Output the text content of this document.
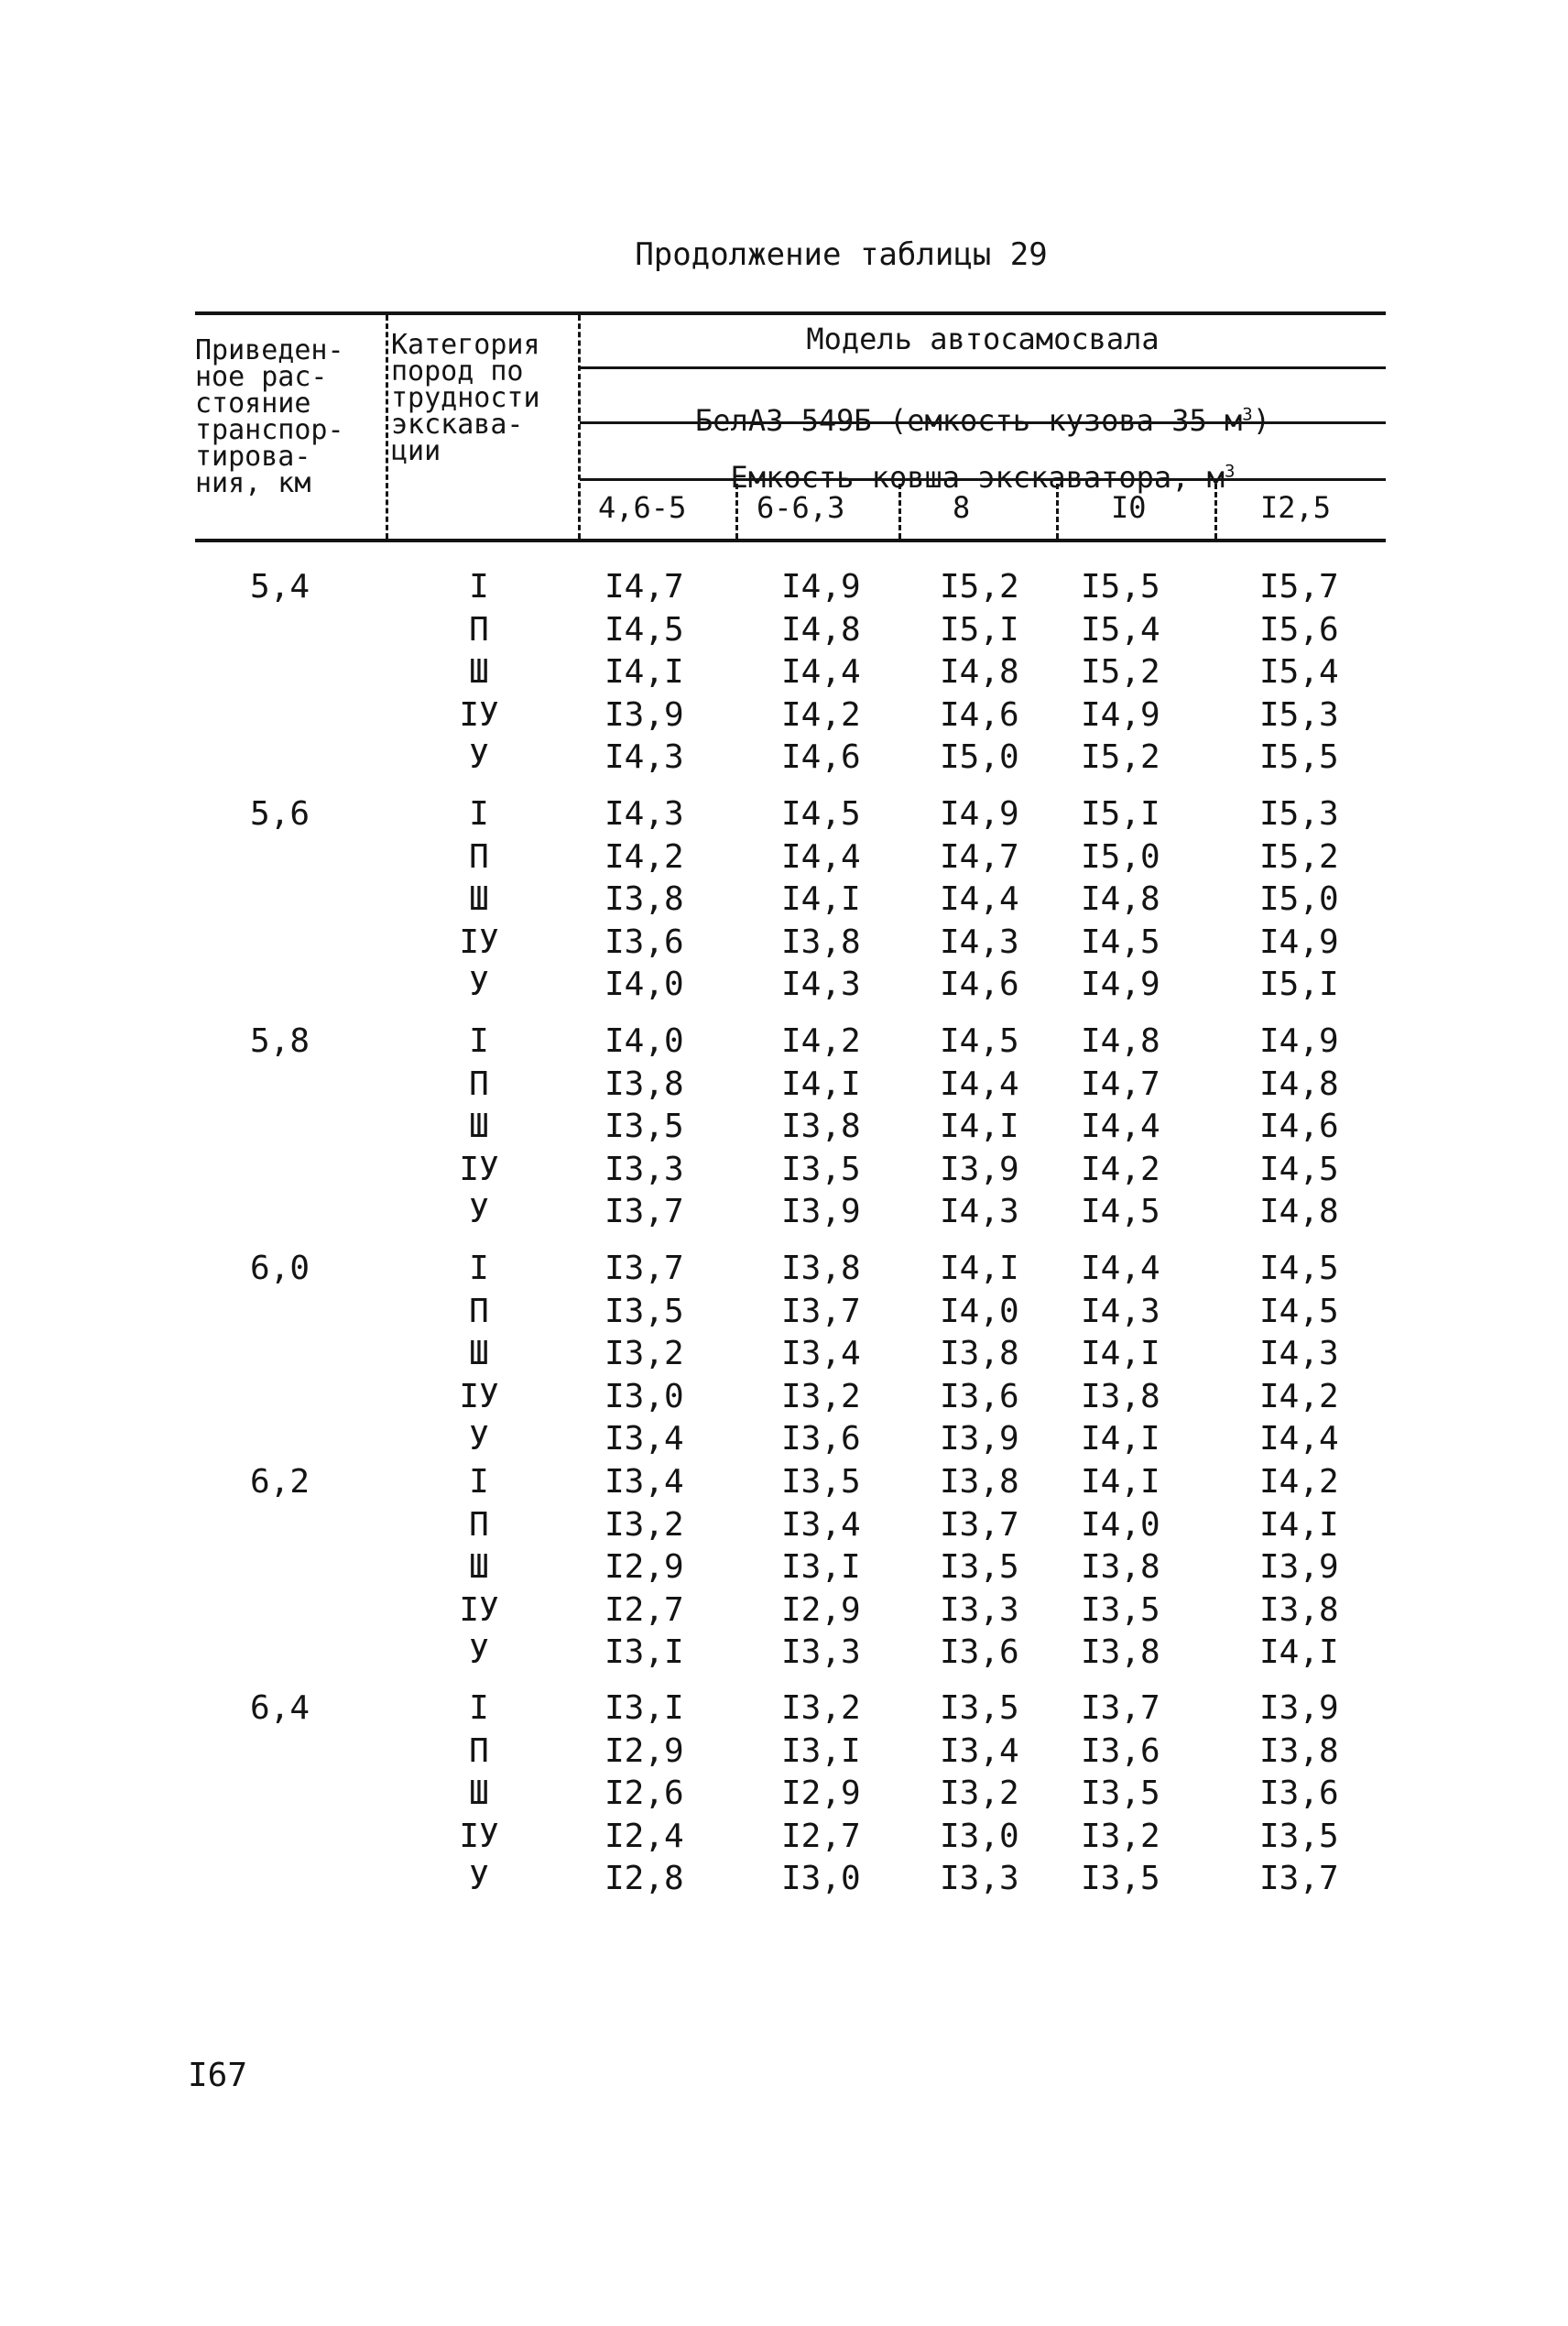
Продолжение таблицы 29
Приведен-
ное рас-
стояние
транспор-
тирова-
ния, км
Категория
пород по
трудности
экскава-
ции
Модель автосамосвала

БелАЗ-549Б (емкость кузова 35 $м^3$)

Емкость ковша экскаватора, $м^3$

4,6-5 6-6,3	8	I0	I2,5
5,4	I	I4,7	I4,9 I5,2 I5,5	I5,7
П	I4,5	I4,8 I5,I I5,4	I5,6
Ш	I4,I	I4,4 I4,8 I5,2	I5,4
IУ	I3,9	I4,2 I4,6 I4,9	I5,3
У	I4,3	I4,6 I5,0 I5,2	I5,5
5,6	I	I4,3	I4,5 I4,9 I5,I	I5,3
П	I4,2	I4,4 I4,7 I5,0	I5,2
Ш	I3,8	I4,I I4,4 I4,8	I5,0
IУ	I3,6	I3,8 I4,3 I4,5	I4,9
У	I4,0	I4,3 I4,6 I4,9	I5,I
5,8	I	I4,0	I4,2 I4,5 I4,8	I4,9
П	I3,8	I4,I I4,4 I4,7	I4,8
Ш	I3,5	I3,8 I4,I I4,4	I4,6
IУ	I3,3	I3,5 I3,9 I4,2	I4,5
У	I3,7	I3,9 I4,3 I4,5	I4,8
6,0	I	I3,7	I3,8 I4,I I4,4	I4,5
П	I3,5	I3,7 I4,0 I4,3	I4,5
Ш	I3,2	I3,4 I3,8 I4,I	I4,3
IУ	I3,0	I3,2 I3,6 I3,8	I4,2
У	I3,4	I3,6 I3,9 I4,I	I4,4
6,2	I	I3,4	I3,5 I3,8 I4,I	I4,2
П	I3,2	I3,4 I3,7 I4,0	I4,I
Ш	I2,9	I3,I I3,5 I3,8	I3,9
IУ	I2,7	I2,9 I3,3 I3,5	I3,8
У	I3,I	I3,3 I3,6 I3,8	I4,I
6,4	I	I3,I	I3,2 I3,5 I3,7	I3,9
П	I2,9	I3,I I3,4 I3,6	I3,8
Ш	I2,6	I2,9 I3,2 I3,5	I3,6
IУ	I2,4	I2,7 I3,0 I3,2	I3,5
У	I2,8	I3,0 I3,3 I3,5	I3,7
I67
